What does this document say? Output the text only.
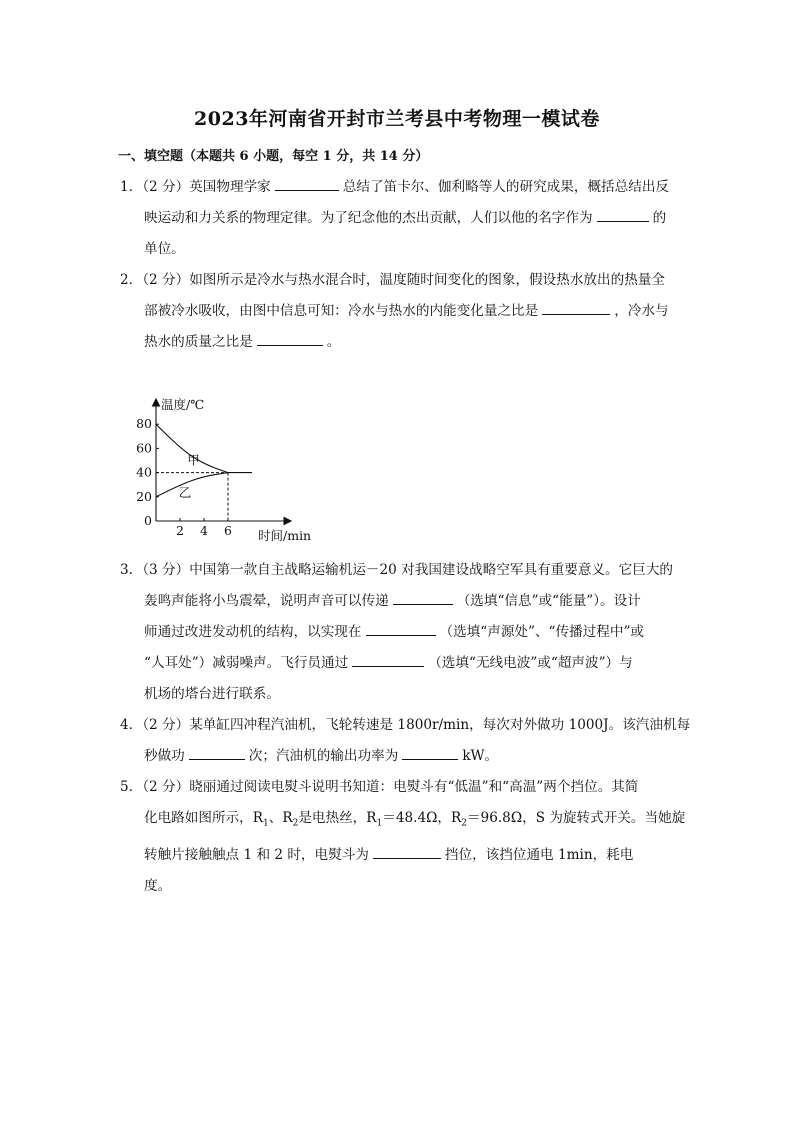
2023年河南省开封市兰考县中考物理一模试卷
一、填空题（本题共 6 小题，每空 1 分，共 14 分）
1．（2 分）英国物理学家	总结了笛卡尔、伽利略等人的研究成果，概括总结出反
映运动和力关系的物理定律。为了纪念他的杰出贡献，人们以他的名字作为	的
单位。
2．（2 分）如图所示是冷水与热水混合时，温度随时间变化的图象，假设热水放出的热量全
部被冷水吸收，由图中信息可知：冷水与热水的内能变化量之比是	，冷水与
热水的质量之比是	。
温度/℃
时间/min
0
20
40
60
80
2 4 6
甲
乙
3．（3 分）中国第一款自主战略运输机运－20 对我国建设战略空军具有重要意义。它巨大的
轰鸣声能将小鸟震晕，说明声音可以传递	（选填“信息”或“能量”）。设计
师通过改进发动机的结构，以实现在	（选填“声源处”、“传播过程中”或
“人耳处”）减弱噪声。飞行员通过	（选填“无线电波”或“超声波”）与
机场的塔台进行联系。
4．（2 分）某单缸四冲程汽油机，飞轮转速是 1800r/min，每次对外做功 1000J。该汽油机每
秒做功	次；汽油机的输出功率为	kW。
5．（2 分）晓丽通过阅读电熨斗说明书知道：电熨斗有“低温”和“高温”两个挡位。其简
化电路如图所示，$R_1$、$R_2$是电热丝，$R_1=48.4\Omega$，$R_2=96.8\Omega$，S 为旋转式开关。当她旋
转触片接触触点 1 和 2 时，电熨斗为	挡位，该挡位通电 1min，耗电
度。
